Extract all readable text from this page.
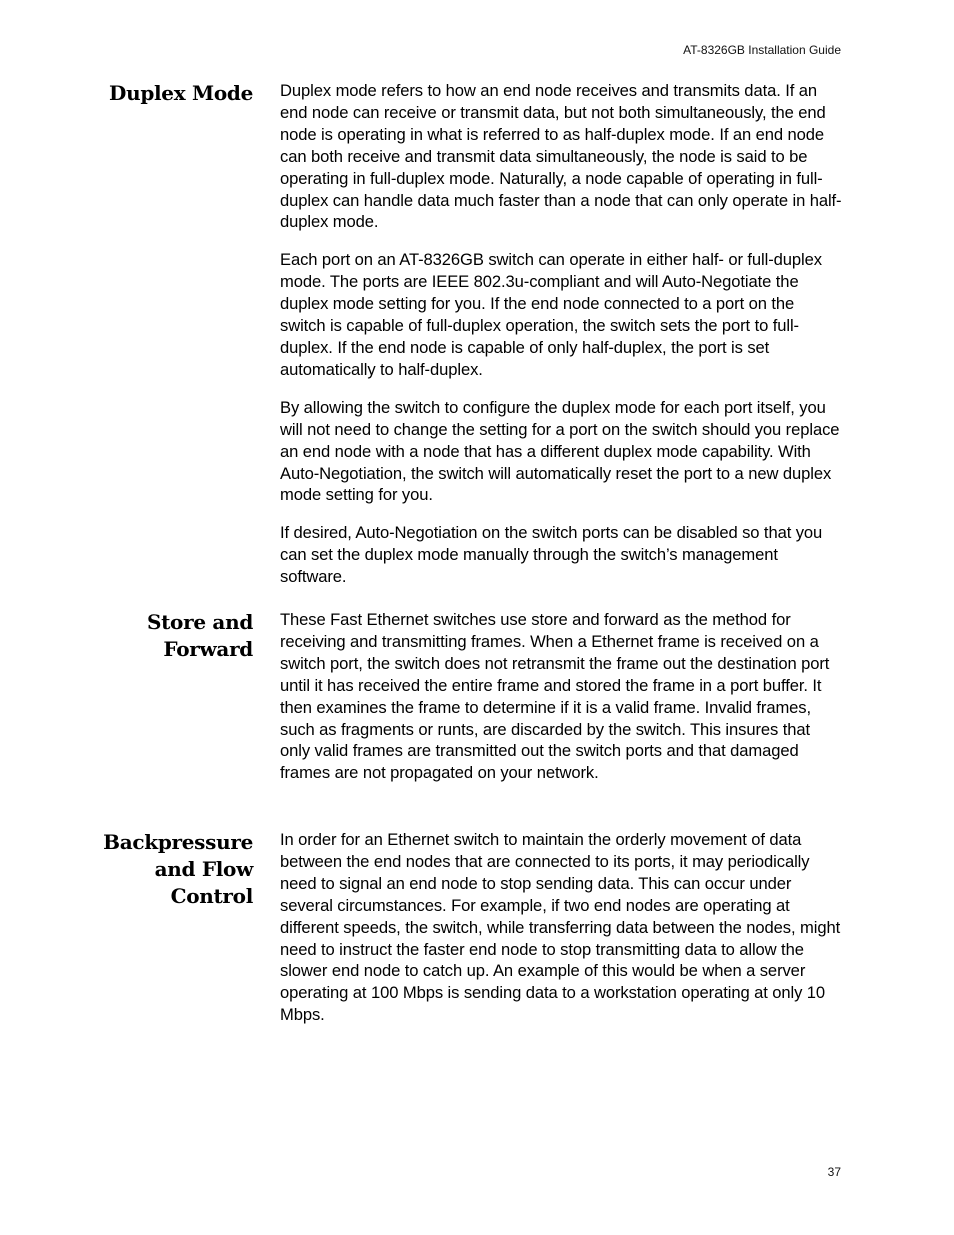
AT-8326GB Installation Guide
Duplex Mode Duplex mode refers to how an end node receives and transmits data. If an end node can receive or transmit data, but not both simultaneously, the end node is operating in what is referred to as half-duplex mode. If an end node can both receive and transmit data simultaneously, the node is said to be operating in full-duplex mode. Naturally, a node capable of operating in full-duplex can handle data much faster than a node that can only operate in half-duplex mode.

Each port on an AT-8326GB switch can operate in either half- or full-duplex mode. The ports are IEEE 802.3u-compliant and will Auto-Negotiate the duplex mode setting for you. If the end node connected to a port on the switch is capable of full-duplex operation, the switch sets the port to full-duplex. If the end node is capable of only half-duplex, the port is set automatically to half-duplex.

By allowing the switch to configure the duplex mode for each port itself, you will not need to change the setting for a port on the switch should you replace an end node with a node that has a different duplex mode capability. With Auto-Negotiation, the switch will automatically reset the port to a new duplex mode setting for you.

If desired, Auto-Negotiation on the switch ports can be disabled so that you can set the duplex mode manually through the switch’s management software.

Store and
Forward

These Fast Ethernet switches use store and forward as the method for receiving and transmitting frames. When a Ethernet frame is received on a switch port, the switch does not retransmit the frame out the destination port until it has received the entire frame and stored the frame in a port buffer. It then examines the frame to determine if it is a valid frame. Invalid frames, such as fragments or runts, are discarded by the switch. This insures that only valid frames are transmitted out the switch ports and that damaged frames are not propagated on your network.

Backpressure
and Flow
Control

In order for an Ethernet switch to maintain the orderly movement of data between the end nodes that are connected to its ports, it may periodically need to signal an end node to stop sending data. This can occur under several circumstances. For example, if two end nodes are operating at different speeds, the switch, while transferring data between the nodes, might need to instruct the faster end node to stop transmitting data to allow the slower end node to catch up. An example of this would be when a server operating at 100 Mbps is sending data to a workstation operating at only 10 Mbps.

37
